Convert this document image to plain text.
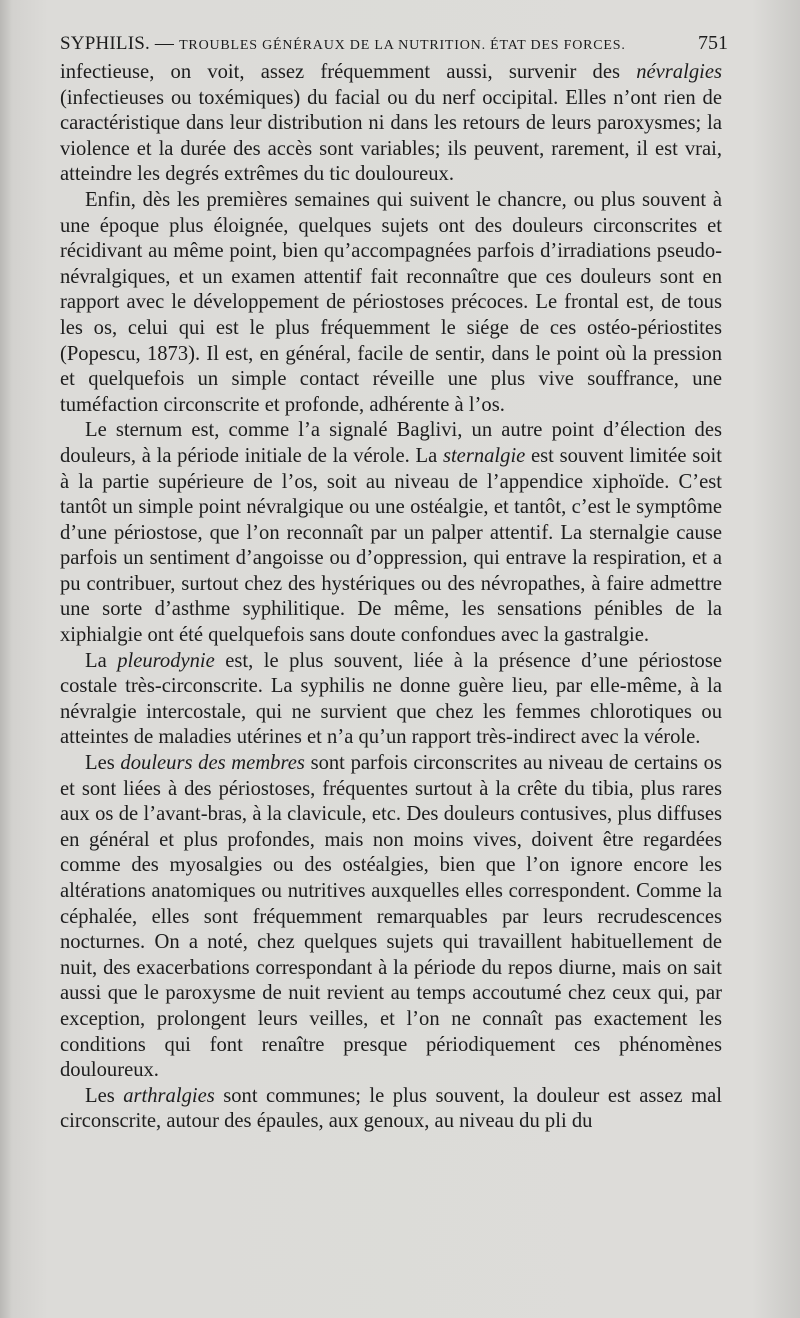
SYPHILIS. — TROUBLES GÉNÉRAUX DE LA NUTRITION. ÉTAT DES FORCES.	751

infectieuse, on voit, assez fréquemment aussi, survenir des névralgies (infectieuses ou toxémiques) du facial ou du nerf occipital. Elles n’ont rien de caractéristique dans leur distribution ni dans les retours de leurs paroxysmes; la violence et la durée des accès sont variables; ils peuvent, rarement, il est vrai, atteindre les degrés extrêmes du tic douloureux.

Enfin, dès les premières semaines qui suivent le chancre, ou plus souvent à une époque plus éloignée, quelques sujets ont des douleurs circonscrites et récidivant au même point, bien qu’accompagnées parfois d’irradiations pseudo-névralgiques, et un examen attentif fait reconnaître que ces douleurs sont en rapport avec le développement de périostoses précoces. Le frontal est, de tous les os, celui qui est le plus fréquemment le siége de ces ostéo-périostites (Popescu, 1873). Il est, en général, facile de sentir, dans le point où la pression et quelquefois un simple contact réveille une plus vive souffrance, une tuméfaction circonscrite et profonde, adhérente à l’os.

Le sternum est, comme l’a signalé Baglivi, un autre point d’élection des douleurs, à la période initiale de la vérole. La sternalgie est souvent limitée soit à la partie supérieure de l’os, soit au niveau de l’appendice xiphoïde. C’est tantôt un simple point névralgique ou une ostéalgie, et tantôt, c’est le symptôme d’une périostose, que l’on reconnaît par un palper attentif. La sternalgie cause parfois un sentiment d’angoisse ou d’oppression, qui entrave la respiration, et a pu contribuer, surtout chez des hystériques ou des névropathes, à faire admettre une sorte d’asthme syphilitique. De même, les sensations pénibles de la xiphialgie ont été quelquefois sans doute confondues avec la gastralgie.

La pleurodynie est, le plus souvent, liée à la présence d’une périostose costale très-circonscrite. La syphilis ne donne guère lieu, par elle-même, à la névralgie intercostale, qui ne survient que chez les femmes chlorotiques ou atteintes de maladies utérines et n’a qu’un rapport très-indirect avec la vérole.

Les douleurs des membres sont parfois circonscrites au niveau de certains os et sont liées à des périostoses, fréquentes surtout à la crête du tibia, plus rares aux os de l’avant-bras, à la clavicule, etc. Des douleurs contusives, plus diffuses en général et plus profondes, mais non moins vives, doivent être regardées comme des myosalgies ou des ostéalgies, bien que l’on ignore encore les altérations anatomiques ou nutritives auxquelles elles correspondent. Comme la céphalée, elles sont fréquemment remarquables par leurs recrudescences nocturnes. On a noté, chez quelques sujets qui travaillent habituellement de nuit, des exacerbations correspondant à la période du repos diurne, mais on sait aussi que le paroxysme de nuit revient au temps accoutumé chez ceux qui, par exception, prolongent leurs veilles, et l’on ne connaît pas exactement les conditions qui font renaître presque périodiquement ces phénomènes douloureux.

Les arthralgies sont communes; le plus souvent, la douleur est assez mal circonscrite, autour des épaules, aux genoux, au niveau du pli du
